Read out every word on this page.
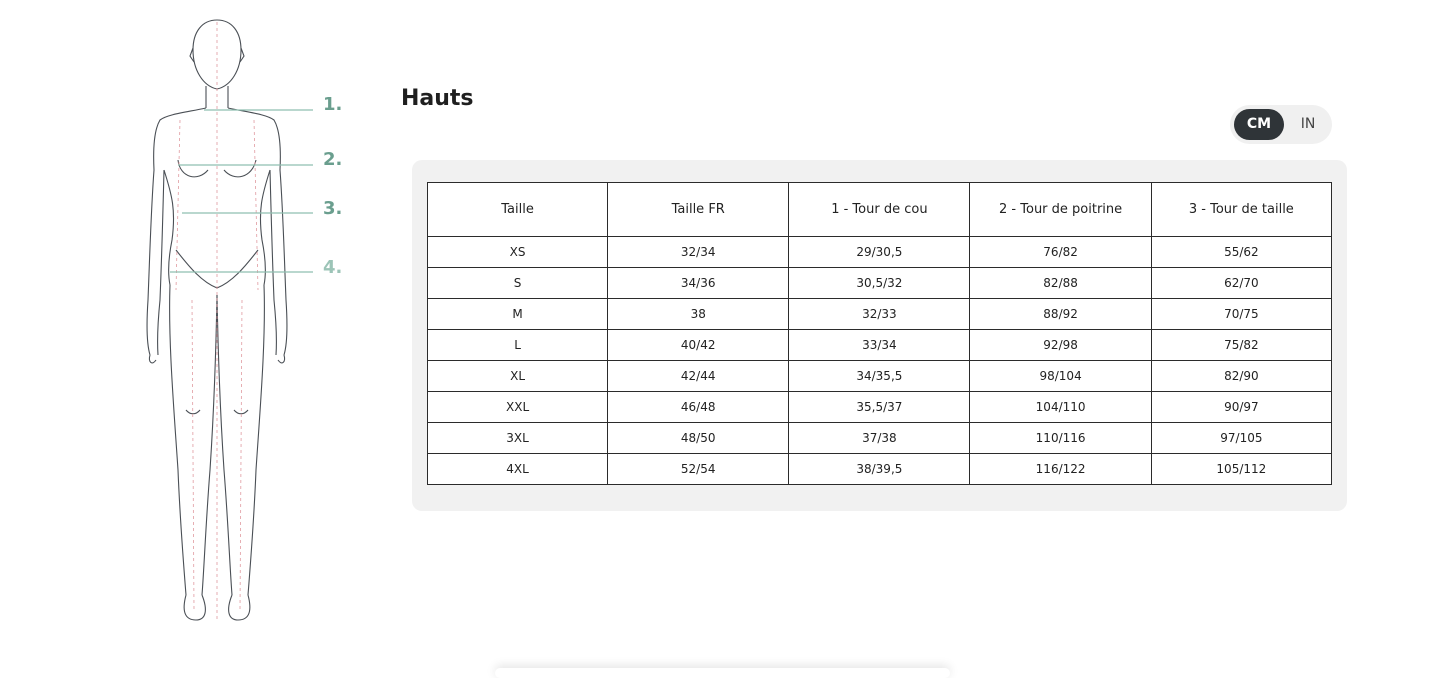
1.
2.
3.
4.
Hauts
CM	IN
Taille	Taille FR	1 - Tour de cou	2 - Tour de poitrine	3 - Tour de taille
XS	32/34	29/30,5	76/82	55/62
S	34/36	30,5/32	82/88	62/70
M	38	32/33	88/92	70/75
L	40/42	33/34	92/98	75/82
XL	42/44	34/35,5	98/104	82/90
XXL	46/48	35,5/37	104/110	90/97
3XL	48/50	37/38	110/116	97/105
4XL	52/54	38/39,5	116/122	105/112
